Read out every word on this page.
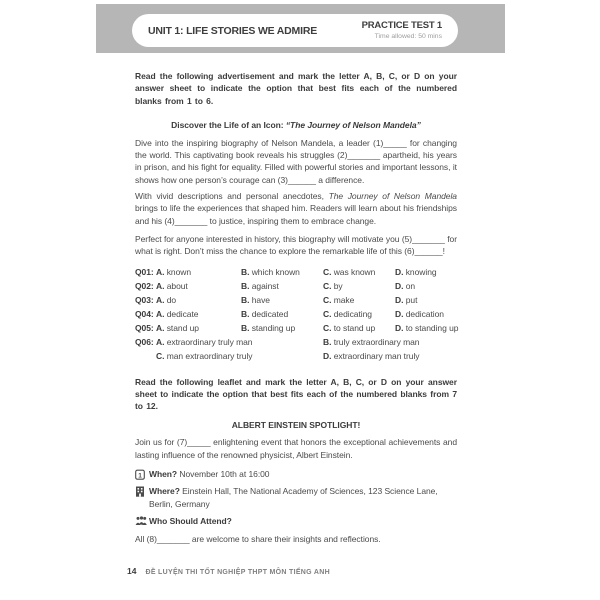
UNIT 1: LIFE STORIES WE ADMIRE	PRACTICE TEST 1
Time allowed: 50 mins
Read the following advertisement and mark the letter A, B, C, or D on your answer sheet to indicate the option that best fits each of the numbered blanks from 1 to 6.
Discover the Life of an Icon: “The Journey of Nelson Mandela”
Dive into the inspiring biography of Nelson Mandela, a leader (1)_____ for changing the world. This captivating book reveals his struggles (2)_______ apartheid, his years in prison, and his fight for equality. Filled with powerful stories and important lessons, it shows how one person’s courage can (3)______ a difference.
With vivid descriptions and personal anecdotes, The Journey of Nelson Mandela brings to life the experiences that shaped him. Readers will learn about his friendships and his (4)_______ to justice, inspiring them to embrace change.
Perfect for anyone interested in history, this biography will motivate you (5)_______ for what is right. Don’t miss the chance to explore the remarkable life of this (6)______!
Q01: A. known	B. which known	C. was known	D. knowing
Q02: A. about	B. against	C. by	D. on
Q03: A. do	B. have	C. make	D. put
Q04: A. dedicate	B. dedicated	C. dedicating	D. dedication
Q05: A. stand up	B. standing up	C. to stand up	D. to standing up
Q06: A. extraordinary truly man	B. truly extraordinary man
C. man extraordinary truly	D. extraordinary man truly
Read the following leaflet and mark the letter A, B, C, or D on your answer sheet to indicate the option that best fits each of the numbered blanks from 7 to 12.
ALBERT EINSTEIN SPOTLIGHT!
Join us for (7)_____ enlightening event that honors the exceptional achievements and lasting influence of the renowned physicist, Albert Einstein.
1 When? November 10th at 16:00
Where? Einstein Hall, The National Academy of Sciences, 123 Science Lane, Berlin, Germany
Who Should Attend?
All (8)_______ are welcome to share their insights and reflections.
14 ĐỀ LUYỆN THI TỐT NGHIỆP THPT MÔN TIẾNG ANH
